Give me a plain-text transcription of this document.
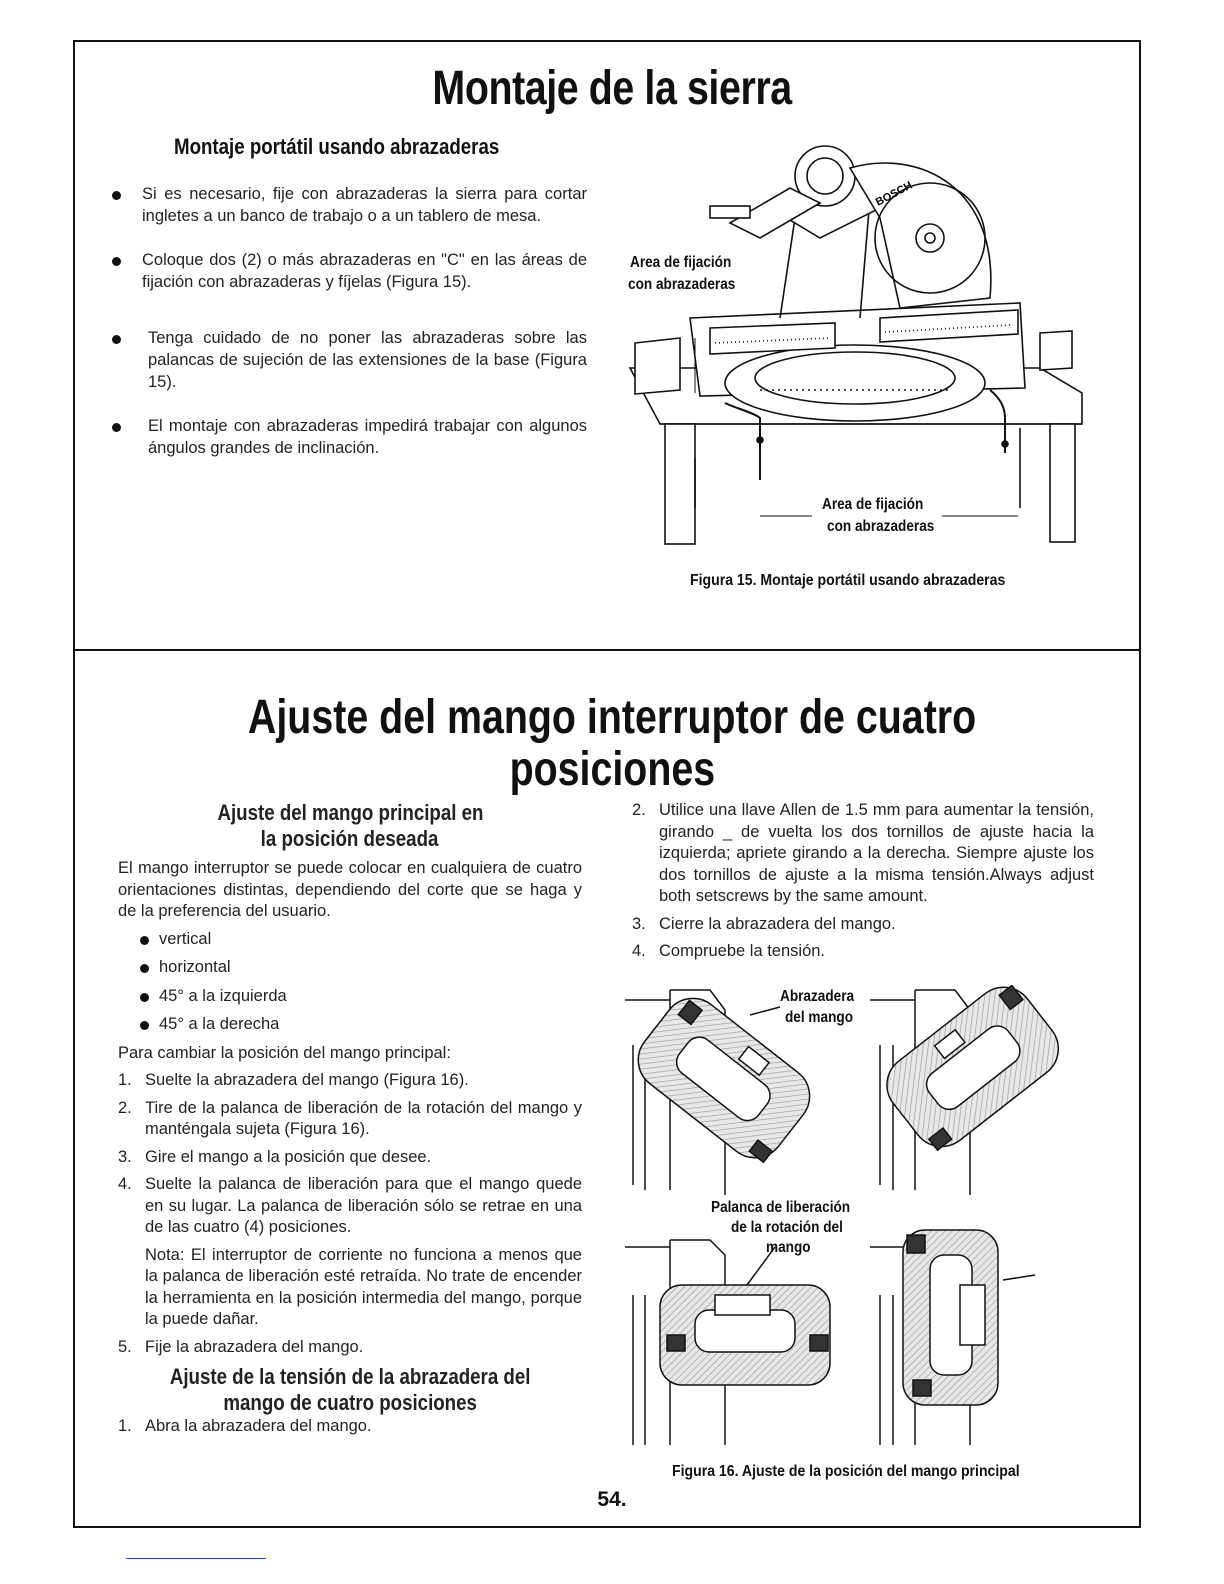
Montaje de la sierra
Montaje portátil usando abrazaderas
Si es necesario, fije con abrazaderas la sierra para cortar ingletes a un banco de trabajo o a un tablero de mesa.
Coloque dos (2) o más abrazaderas en "C" en las áreas de fijación con abrazaderas y fíjelas (Figura 15).
Tenga cuidado de no poner las abrazaderas sobre las palancas de sujeción de las extensiones de la base (Figura 15).
El montaje con abrazaderas impedirá trabajar con algunos ángulos grandes de inclinación.
BOSCH
Area de fijación
con abrazaderas
Area de fijación
con abrazaderas
Figura 15. Montaje portátil usando abrazaderas
Ajuste del mango interruptor de cuatro
posiciones
Ajuste del mango principal en
la posición deseada

El mango interruptor se puede colocar en cualquiera de cuatro orientaciones distintas, dependiendo del corte que se haga y de la preferencia del usuario.

vertical
horizontal
45° a la izquierda
45° a la derecha

Para cambiar la posición del mango principal:

1. Suelte la abrazadera del mango (Figura 16).
2. Tire de la palanca de liberación de la rotación del mango y manténgala sujeta (Figura 16).
3. Gire el mango a la posición que desee.
4. Suelte la palanca de liberación para que el mango quede en su lugar. La palanca de liberación sólo se retrae en una de las cuatro (4) posiciones.
Nota: El interruptor de corriente no funciona a menos que la palanca de liberación esté retraída. No trate de encender la herramienta en la posición intermedia del mango, porque la puede dañar.
5. Fije la abrazadera del mango.
Ajuste de la tensión de la abrazadera del
mango de cuatro posiciones
1. Abra la abrazadera del mango.
2. Utilice una llave Allen de 1.5 mm para aumentar la tensión, girando _ de vuelta los dos tornillos de ajuste hacia la izquierda; apriete girando a la derecha. Siempre ajuste los dos tornillos de ajuste a la misma tensión.Always adjust both setscrews by the same amount.
3. Cierre la abrazadera del mango.
4. Compruebe la tensión.
Abrazadera
del mango
Palanca de liberación
de la rotación del
mango
Figura 16. Ajuste de la posición del mango principal
54.
